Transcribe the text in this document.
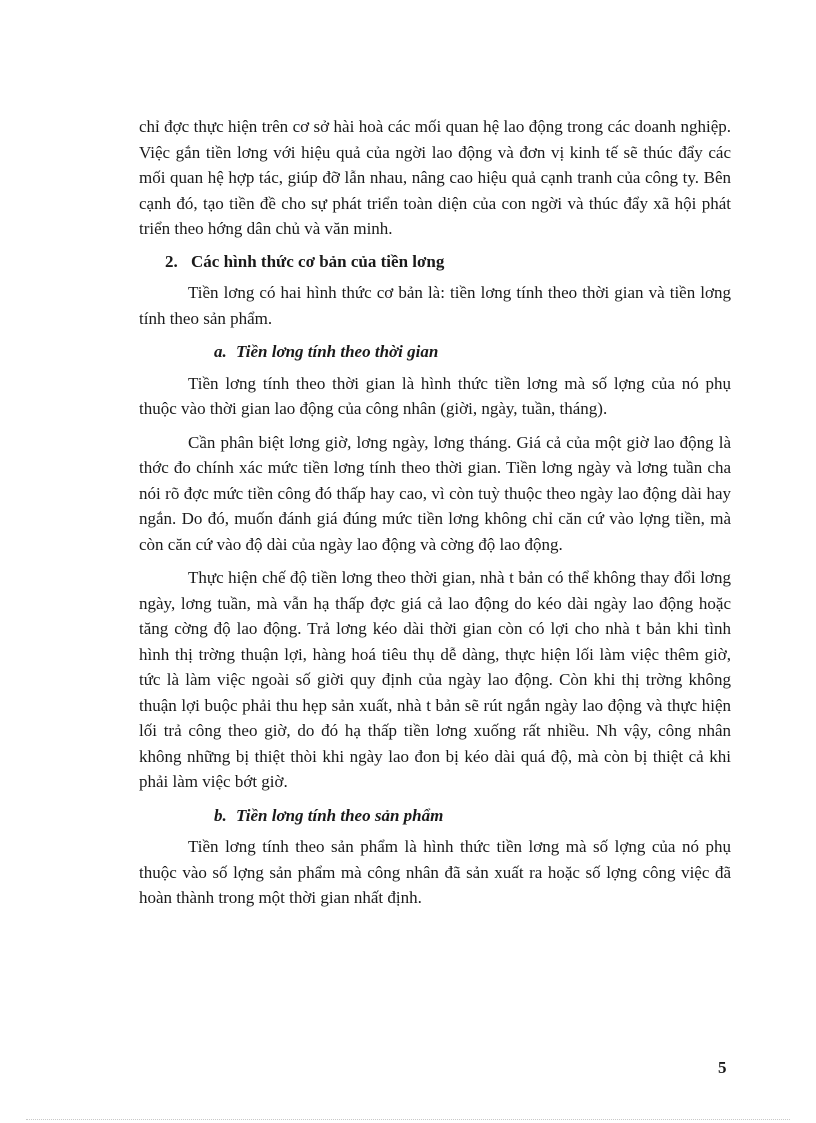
chỉ đợc thực hiện trên cơ sở hài hoà các mối quan hệ lao động trong các doanh nghiệp. Việc gắn tiền lơng với hiệu quả của ngời lao động và đơn vị kinh tế sẽ thúc đẩy các mối quan hệ hợp tác, giúp đỡ lẫn nhau, nâng cao hiệu quả cạnh tranh của công ty. Bên cạnh đó, tạo tiền đề cho sự phát triển toàn diện của con ngời và thúc đẩy xã hội phát triển theo hớng dân chủ và văn minh.

2. Các hình thức cơ bản của tiền lơng

Tiền lơng có hai hình thức cơ bản là: tiền lơng tính theo thời gian và tiền lơng tính theo sản phẩm.

a. Tiền lơng tính theo thời gian

Tiền lơng tính theo thời gian là hình thức tiền lơng mà số lợng của nó phụ thuộc vào thời gian lao động của công nhân (giời, ngày, tuần, tháng).

Cần phân biệt lơng giờ, lơng ngày, lơng tháng. Giá cả của một giờ lao động là thớc đo chính xác mức tiền lơng tính theo thời gian. Tiền lơng ngày và lơng tuần cha nói rõ đợc mức tiền công đó thấp hay cao, vì còn tuỳ thuộc theo ngày lao động dài hay ngắn. Do đó, muốn đánh giá đúng mức tiền lơng không chỉ căn cứ vào lợng tiền, mà còn căn cứ vào độ dài của ngày lao động và cờng độ lao động.

Thực hiện chế độ tiền lơng theo thời gian, nhà t bản có thể không thay đổi lơng ngày, lơng tuần, mà vẫn hạ thấp đợc giá cả lao động do kéo dài ngày lao động hoặc tăng cờng độ lao động. Trả lơng kéo dài thời gian còn có lợi cho nhà t bản khi tình hình thị trờng thuận lợi, hàng hoá tiêu thụ dễ dàng, thực hiện lối làm việc thêm giờ, tức là làm việc ngoài số giời quy định của ngày lao động. Còn khi thị trờng không thuận lợi buộc phải thu hẹp sản xuất, nhà t bản sẽ rút ngắn ngày lao động và thực hiện lối trả công theo giờ, do đó hạ thấp tiền lơng xuống rất nhiều. Nh vậy, công nhân không những bị thiệt thòi khi ngày lao đon bị kéo dài quá độ, mà còn bị thiệt cả khi phải làm việc bớt giờ.

b. Tiền lơng tính theo sản phẩm

Tiền lơng tính theo sản phẩm là hình thức tiền lơng mà số lợng của nó phụ thuộc vào số lợng sản phẩm mà công nhân đã sản xuất ra hoặc số lợng công việc đã hoàn thành trong một thời gian nhất định.

5
